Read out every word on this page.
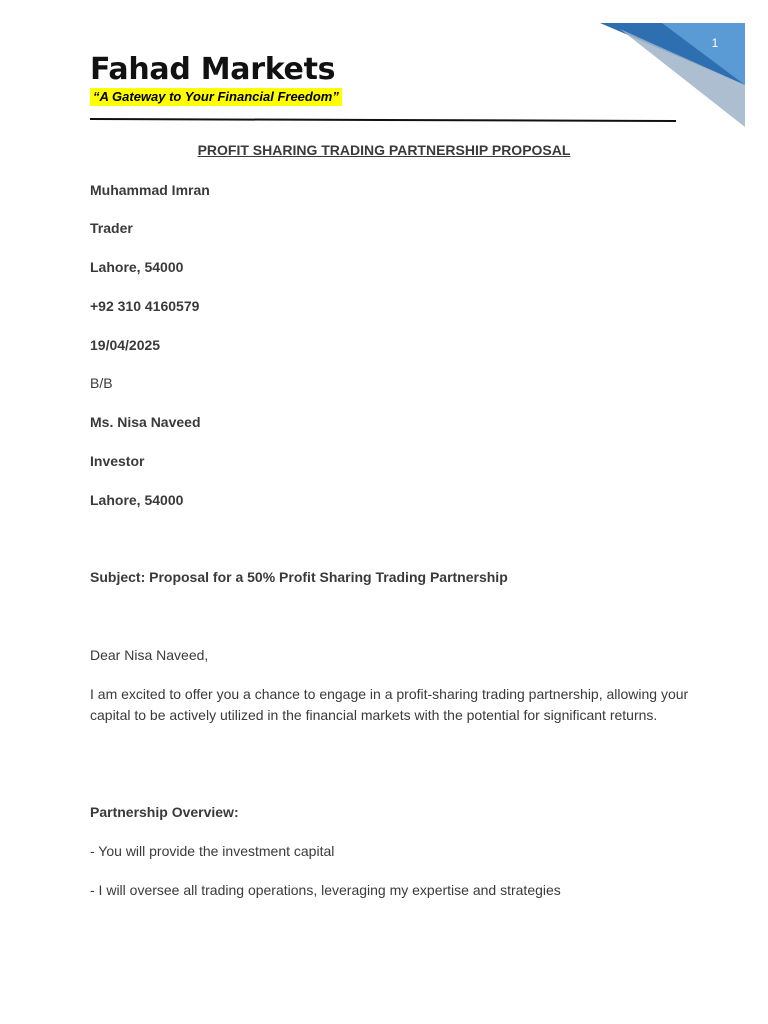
Fahad Markets
“A Gateway to Your Financial Freedom”
1
PROFIT SHARING TRADING PARTNERSHIP PROPOSAL
Muhammad Imran
Trader
Lahore, 54000
+92 310 4160579
19/04/2025
B/B
Ms. Nisa Naveed
Investor
Lahore, 54000
Subject: Proposal for a 50% Profit Sharing Trading Partnership
Dear Nisa Naveed,
I am excited to offer you a chance to engage in a profit-sharing trading partnership, allowing your capital to be actively utilized in the financial markets with the potential for significant returns.
Partnership Overview:
- You will provide the investment capital
- I will oversee all trading operations, leveraging my expertise and strategies
